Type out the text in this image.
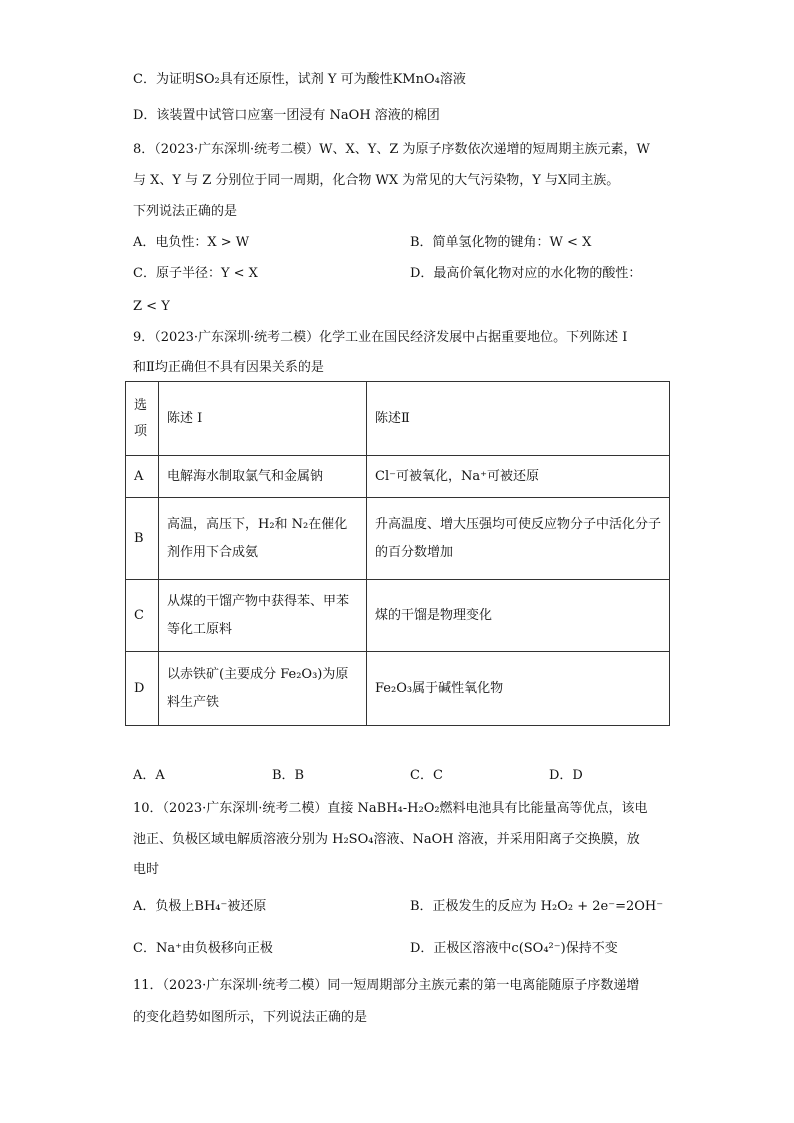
C．为证明SO₂具有还原性，试剂 Y 可为酸性KMnO₄溶液
D．该装置中试管口应塞一团浸有 NaOH 溶液的棉团
8．（2023·广东深圳·统考二模）W、X、Y、Z 为原子序数依次递增的短周期主族元素，W
与 X、Y 与 Z 分别位于同一周期，化合物 WX 为常见的大气污染物，Y 与X同主族。
下列说法正确的是
A．电负性：X > W	B．简单氢化物的键角：W < X
C．原子半径：Y < X	D．最高价氧化物对应的水化物的酸性：
Z < Y
9．（2023·广东深圳·统考二模）化学工业在国民经济发展中占据重要地位。下列陈述 I
和Ⅱ均正确但不具有因果关系的是
选项	陈述 I	陈述Ⅱ
A	电解海水制取氯气和金属钠	Cl⁻可被氧化，Na⁺可被还原
B	高温，高压下，H₂和 N₂在催化剂作用下合成氨	升高温度、增大压强均可使反应物分子中活化分子的百分数增加
C	从煤的干馏产物中获得苯、甲苯等化工原料	煤的干馏是物理变化
D	以赤铁矿(主要成分 Fe₂O₃)为原料生产铁	Fe₂O₃属于碱性氧化物
A．A	B．B	C．C	D．D
10．（2023·广东深圳·统考二模）直接 NaBH₄-H₂O₂燃料电池具有比能量高等优点，该电
池正、负极区域电解质溶液分别为 H₂SO₄溶液、NaOH 溶液，并采用阳离子交换膜，放
电时
A．负极上BH₄⁻被还原	B．正极发生的反应为 H₂O₂ + 2e⁻=2OH⁻
C．Na⁺由负极移向正极	D．正极区溶液中c(SO₄²⁻)保持不变
11．（2023·广东深圳·统考二模）同一短周期部分主族元素的第一电离能随原子序数递增
的变化趋势如图所示，下列说法正确的是
